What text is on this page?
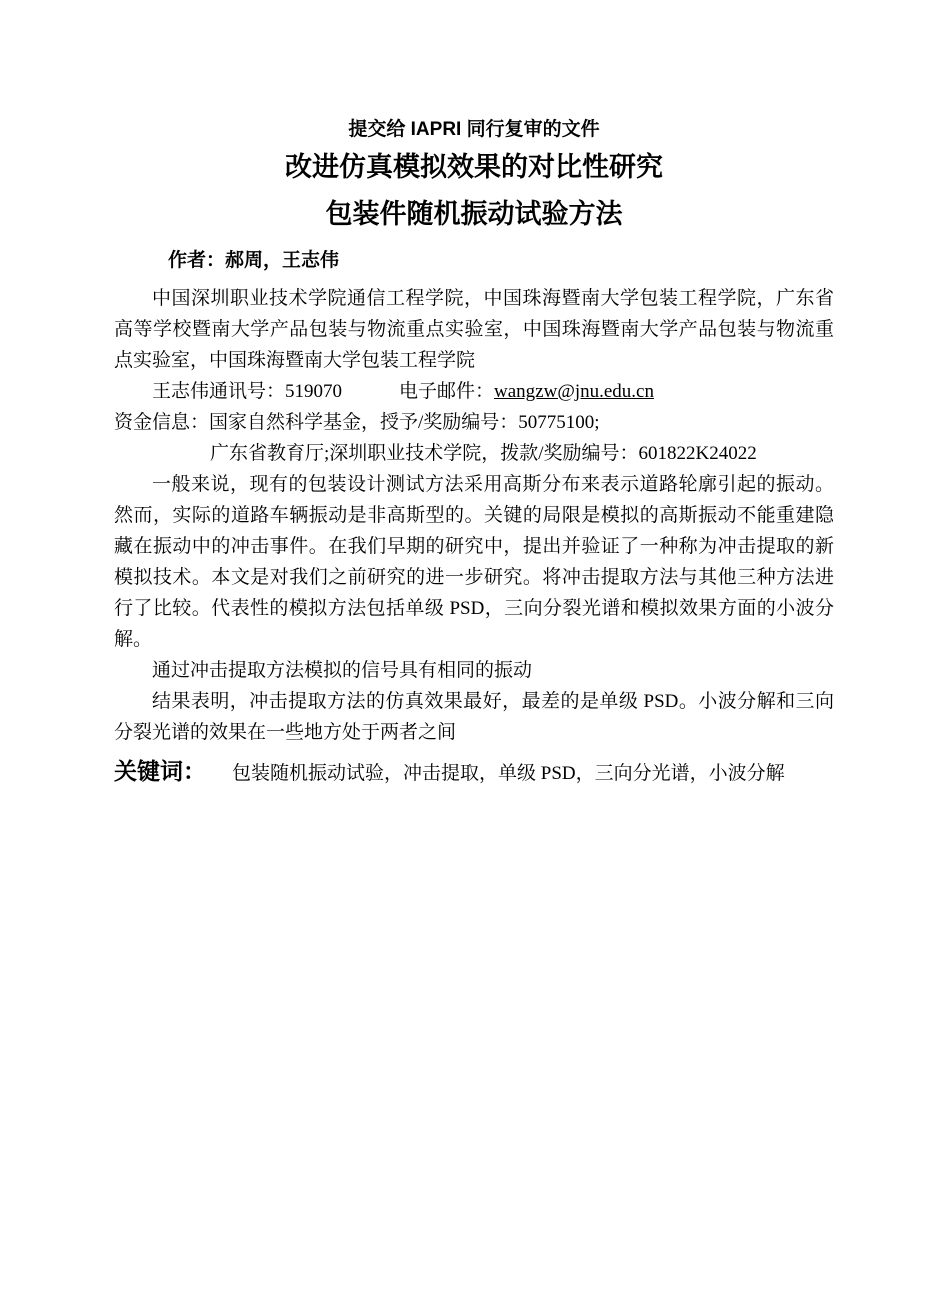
提交给 IAPRI 同行复审的文件

改进仿真模拟效果的对比性研究
包装件随机振动试验方法

作者：郝周，王志伟

中国深圳职业技术学院通信工程学院，中国珠海暨南大学包装工程学院，广东省高等学校暨南大学产品包装与物流重点实验室，中国珠海暨南大学产品包装与物流重点实验室，中国珠海暨南大学包装工程学院

王志伟通讯号：519070	电子邮件：wangzw@jnu.edu.cn

资金信息：国家自然科学基金，授予/奖励编号：50775100;

广东省教育厅;深圳职业技术学院，拨款/奖励编号：601822K24022

一般来说，现有的包装设计测试方法采用高斯分布来表示道路轮廓引起的振动。然而，实际的道路车辆振动是非高斯型的。关键的局限是模拟的高斯振动不能重建隐藏在振动中的冲击事件。在我们早期的研究中，提出并验证了一种称为冲击提取的新模拟技术。本文是对我们之前研究的进一步研究。将冲击提取方法与其他三种方法进行了比较。代表性的模拟方法包括单级 PSD，三向分裂光谱和模拟效果方面的小波分解。

通过冲击提取方法模拟的信号具有相同的振动

结果表明，冲击提取方法的仿真效果最好，最差的是单级 PSD。小波分解和三向分裂光谱的效果在一些地方处于两者之间

关键词： 包装随机振动试验，冲击提取，单级 PSD，三向分光谱，小波分解
